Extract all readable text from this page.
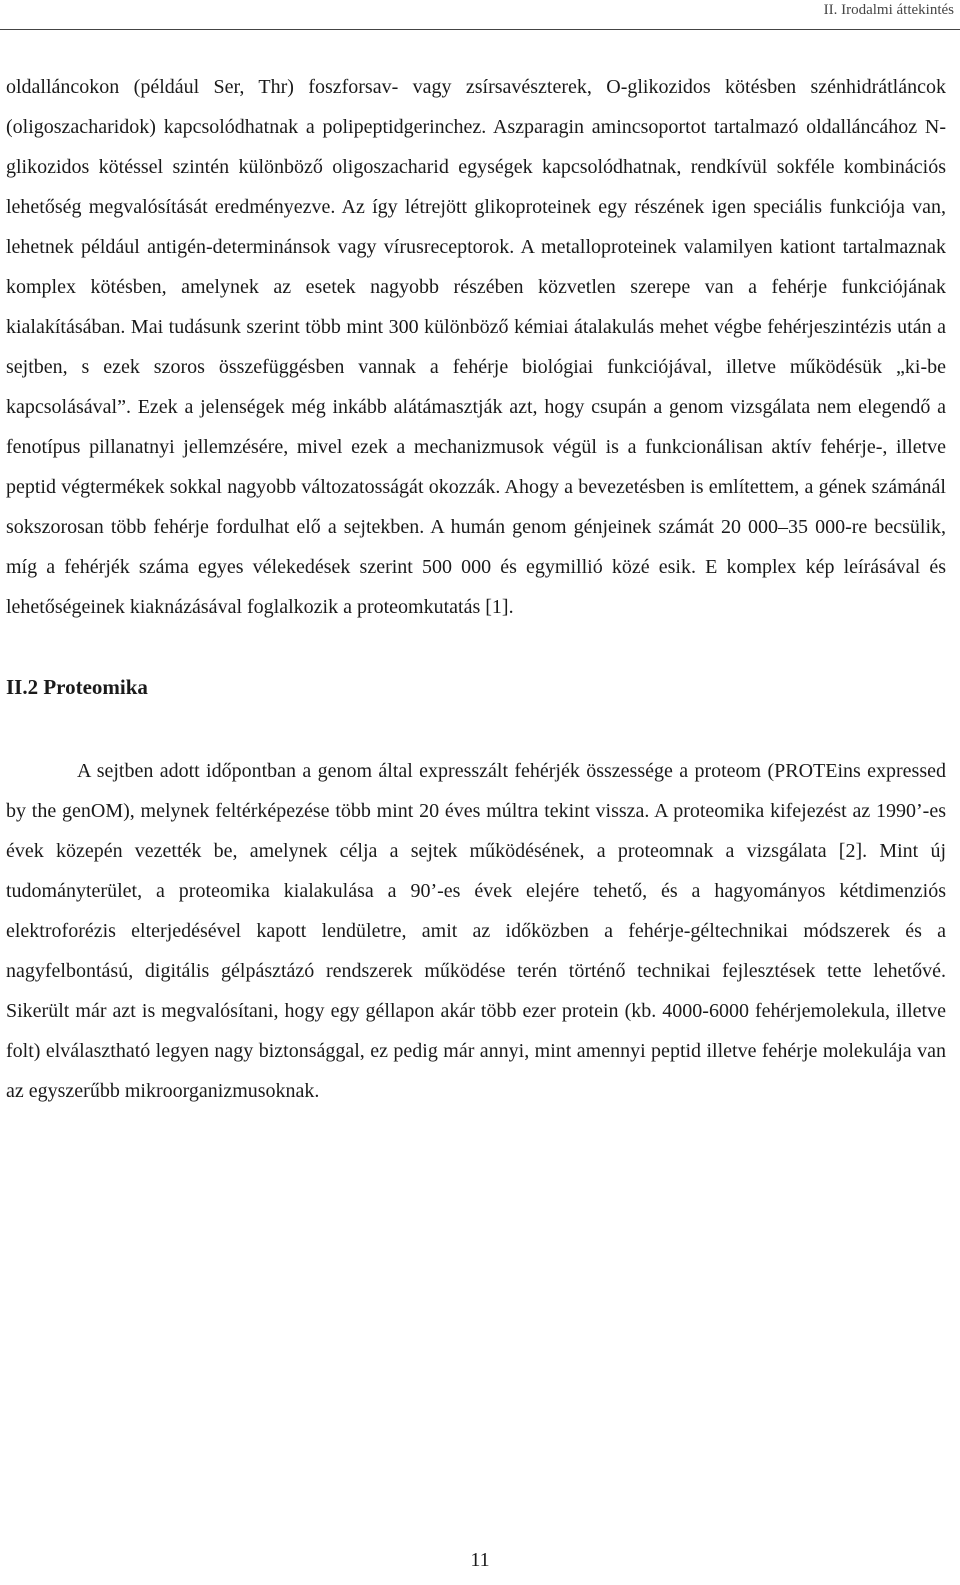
II. Irodalmi áttekintés

oldalláncokon (például Ser, Thr) foszforsav- vagy zsírsavészterek, O-glikozidos kötésben szénhidrátláncok (oligoszacharidok) kapcsolódhatnak a polipeptidgerinchez. Aszparagin amincsoportot tartalmazó oldalláncához N-glikozidos kötéssel szintén különböző oligoszacharid egységek kapcsolódhatnak, rendkívül sokféle kombinációs lehetőség megvalósítását eredményezve. Az így létrejött glikoproteinek egy részének igen speciális funkciója van, lehetnek például antigén-determinánsok vagy vírusreceptorok. A metalloproteinek valamilyen kationt tartalmaznak komplex kötésben, amelynek az esetek nagyobb részében közvetlen szerepe van a fehérje funkciójának kialakításában. Mai tudásunk szerint több mint 300 különböző kémiai átalakulás mehet végbe fehérjeszintézis után a sejtben, s ezek szoros összefüggésben vannak a fehérje biológiai funkciójával, illetve működésük „ki-be kapcsolásával”. Ezek a jelenségek még inkább alátámasztják azt, hogy csupán a genom vizsgálata nem elegendő a fenotípus pillanatnyi jellemzésére, mivel ezek a mechanizmusok végül is a funkcionálisan aktív fehérje-, illetve peptid végtermékek sokkal nagyobb változatosságát okozzák. Ahogy a bevezetésben is említettem, a gének számánál sokszorosan több fehérje fordulhat elő a sejtekben. A humán genom génjeinek számát 20 000–35 000-re becsülik, míg a fehérjék száma egyes vélekedések szerint 500 000 és egymillió közé esik. E komplex kép leírásával és lehetőségeinek kiaknázásával foglalkozik a proteomkutatás [1].

II.2 Proteomika

A sejtben adott időpontban a genom által expresszált fehérjék összessége a proteom (PROTEins expressed by the genOM), melynek feltérképezése több mint 20 éves múltra tekint vissza. A proteomika kifejezést az 1990’-es évek közepén vezették be, amelynek célja a sejtek működésének, a proteomnak a vizsgálata [2]. Mint új tudományterület, a proteomika kialakulása a 90’-es évek elejére tehető, és a hagyományos kétdimenziós elektroforézis elterjedésével kapott lendületre, amit az időközben a fehérje-géltechnikai módszerek és a nagyfelbontású, digitális gélpásztázó rendszerek működése terén történő technikai fejlesztések tette lehetővé. Sikerült már azt is megvalósítani, hogy egy géllapon akár több ezer protein (kb. 4000-6000 fehérjemolekula, illetve folt) elválasztható legyen nagy biztonsággal, ez pedig már annyi, mint amennyi peptid illetve fehérje molekulája van az egyszerűbb mikroorganizmusoknak.

11
